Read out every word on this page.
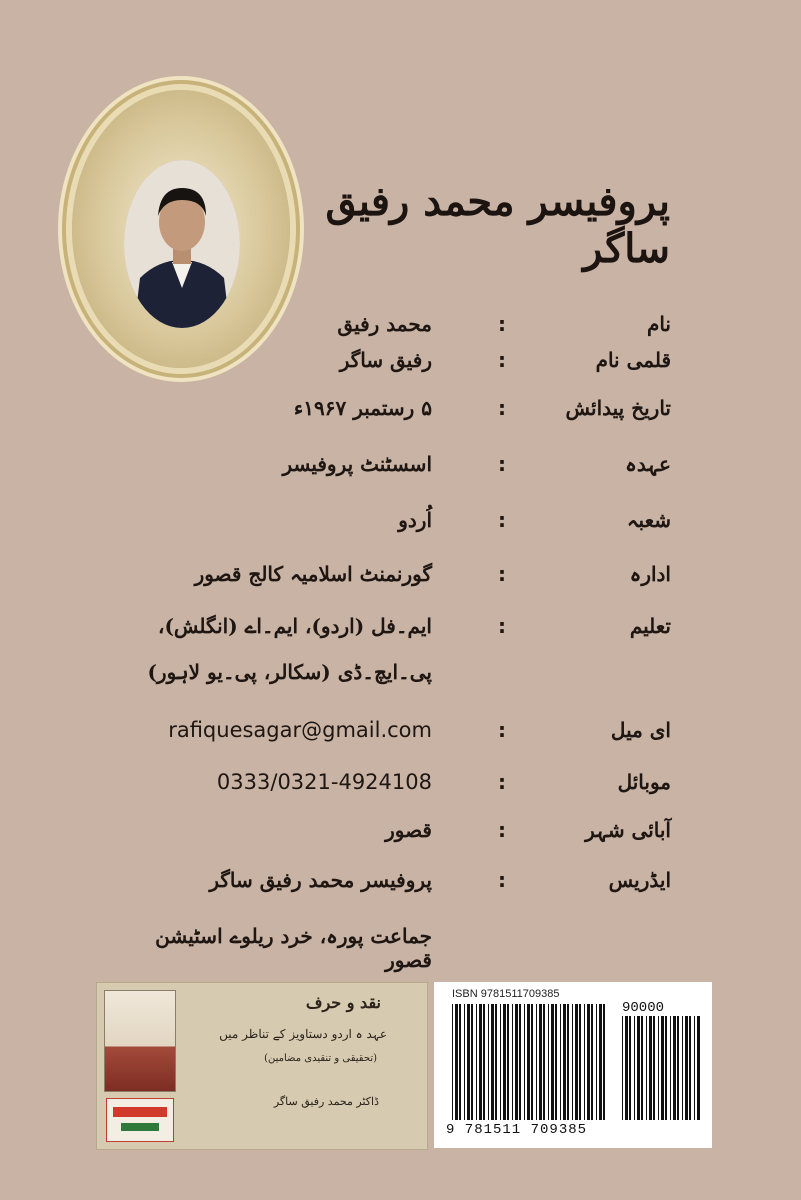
پروفیسر محمد رفیق ساگر
نام
:
محمد رفیق
قلمی نام
:
رفیق ساگر
تاریخ پیدائش
:
۵ رستمبر ۱۹۶۷ء
عہدہ
:
اسسٹنٹ پروفیسر
شعبہ
:
اُردو
ادارہ
:
گورنمنٹ اسلامیہ کالج قصور
تعلیم
:
ایم۔فل (اردو)، ایم۔اے (انگلش)،
پی۔ایچ۔ڈی (سکالر، پی۔یو لاہور)
ای میل
:
rafiquesagar@gmail.com
موبائل
:
0333/0321-4924108
آبائی شہر
:
قصور
ایڈریس
:
پروفیسر محمد رفیق ساگر
جماعت پورہ، خرد ریلوے اسٹیشن قصور
نقد و حرف
عہد ہ اردو دستاویز کے تناظر میں
(تحقیقی و تنقیدی مضامین)
ڈاکٹر محمد رفیق ساگر
ISBN 9781511709385
9 781511 709385
90000
